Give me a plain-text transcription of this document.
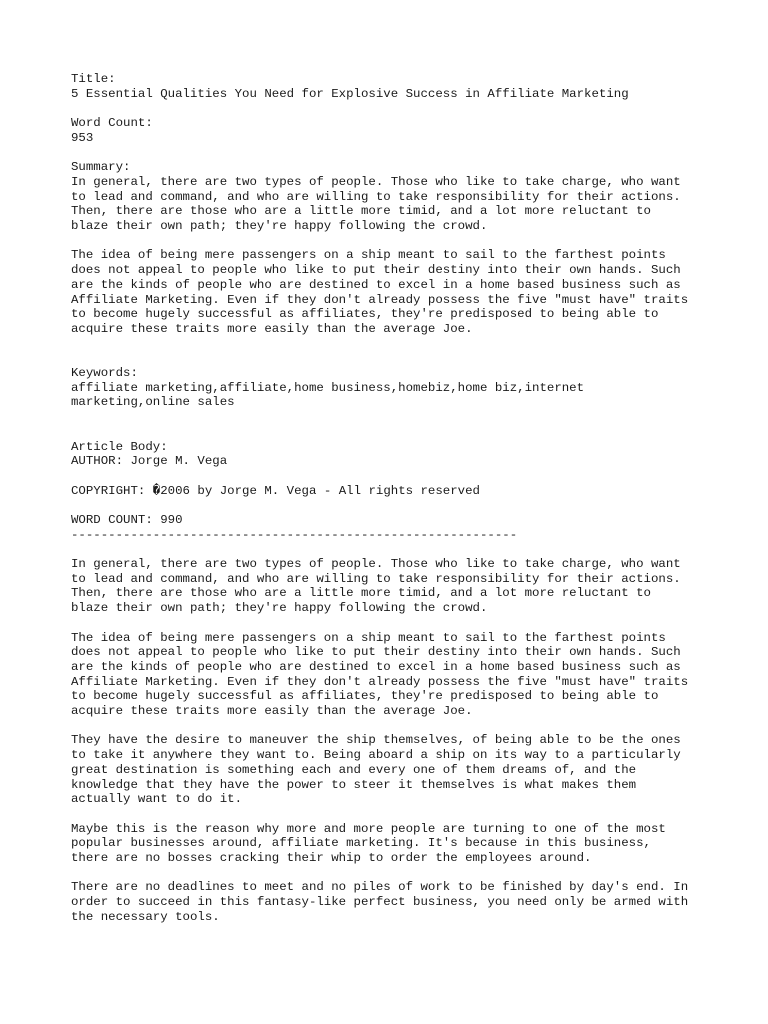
Title:
5 Essential Qualities You Need for Explosive Success in Affiliate Marketing
Word Count:
953
Summary:
In general, there are two types of people. Those who like to take charge, who want
to lead and command, and who are willing to take responsibility for their actions.
Then, there are those who are a little more timid, and a lot more reluctant to
blaze their own path; they're happy following the crowd.
The idea of being mere passengers on a ship meant to sail to the farthest points
does not appeal to people who like to put their destiny into their own hands. Such
are the kinds of people who are destined to excel in a home based business such as
Affiliate Marketing. Even if they don't already possess the five "must have" traits
to become hugely successful as affiliates, they're predisposed to being able to
acquire these traits more easily than the average Joe.
Keywords:
affiliate marketing,affiliate,home business,homebiz,home biz,internet
marketing,online sales
Article Body:
AUTHOR: Jorge M. Vega
COPYRIGHT: �2006 by Jorge M. Vega - All rights reserved
WORD COUNT: 990
------------------------------------------------------------
In general, there are two types of people. Those who like to take charge, who want
to lead and command, and who are willing to take responsibility for their actions.
Then, there are those who are a little more timid, and a lot more reluctant to
blaze their own path; they're happy following the crowd.
The idea of being mere passengers on a ship meant to sail to the farthest points
does not appeal to people who like to put their destiny into their own hands. Such
are the kinds of people who are destined to excel in a home based business such as
Affiliate Marketing. Even if they don't already possess the five "must have" traits
to become hugely successful as affiliates, they're predisposed to being able to
acquire these traits more easily than the average Joe.
They have the desire to maneuver the ship themselves, of being able to be the ones
to take it anywhere they want to. Being aboard a ship on its way to a particularly
great destination is something each and every one of them dreams of, and the
knowledge that they have the power to steer it themselves is what makes them
actually want to do it.
Maybe this is the reason why more and more people are turning to one of the most
popular businesses around, affiliate marketing. It's because in this business,
there are no bosses cracking their whip to order the employees around.
There are no deadlines to meet and no piles of work to be finished by day's end. In
order to succeed in this fantasy-like perfect business, you need only be armed with
the necessary tools.
